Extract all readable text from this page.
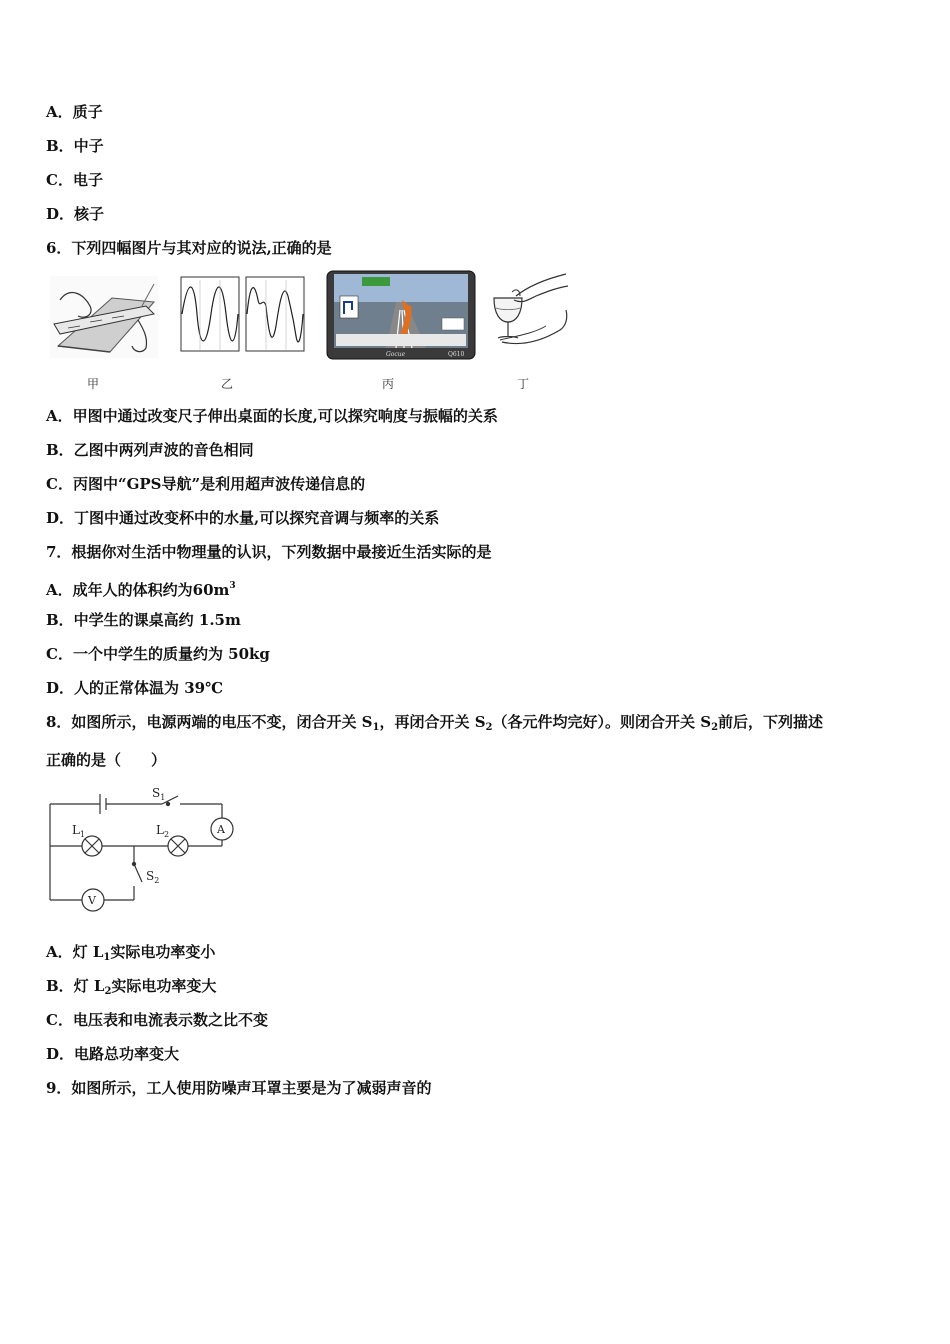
A．质子
B．中子
C．电子
D．核子
6．下列四幅图片与其对应的说法,正确的是
甲	乙
Gocue	Q610
丙	丁
A．甲图中通过改变尺子伸出桌面的长度,可以探究响度与振幅的关系
B．乙图中两列声波的音色相同
C．丙图中“GPS导航”是利用超声波传递信息的
D．丁图中通过改变杯中的水量,可以探究音调与频率的关系
7．根据你对生活中物理量的认识，下列数据中最接近生活实际的是
A．成年人的体积约为$60m^3$
B．中学生的课桌高约 1.5m
C．一个中学生的质量约为 50kg
D．人的正常体温为 39℃
8．如图所示，电源两端的电压不变，闭合开关 $S_1$，再闭合开关 $S_2$（各元件均完好）。则闭合开关 $S_2$前后，下列描述
正确的是（　　）
$S_1$
$L_1$	$L_2$
$S_2$
A
V
A．灯 $L_1$实际电功率变小
B．灯 $L_2$实际电功率变大
C．电压表和电流表示数之比不变
D．电路总功率变大
9．如图所示，工人使用防噪声耳罩主要是为了减弱声音的
